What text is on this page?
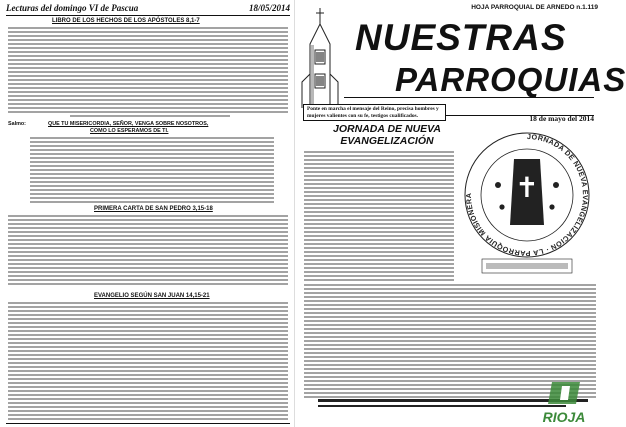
Lecturas del domingo VI de Pascua	18/05/2014
LIBRO DE LOS HECHOS DE LOS APÓSTOLES 8,1-7
Salmo:	QUE TU MISERICORDIA, SEÑOR, VENGA SOBRE NOSOTROS,
COMO LO ESPERAMOS DE TI.
PRIMERA CARTA DE SAN PEDRO 3,15-18
EVANGELIO SEGÚN SAN JUAN 14,15-21
HOJA PARROQUIAL DE ARNEDO n.1.119
NUESTRAS
PARROQUIAS
Ponte en marcha el mensaje del Reino, precisa hombres y mujeres valientes con su fe, testigos cualificados.	18 de mayo del 2014
JORNADA DE NUEVA
EVANGELIZACIÓN	JORNADA DE NUEVA EVANGELIZACIÓN · LA PARROQUIA MISIONERA	✝
RIOJA
